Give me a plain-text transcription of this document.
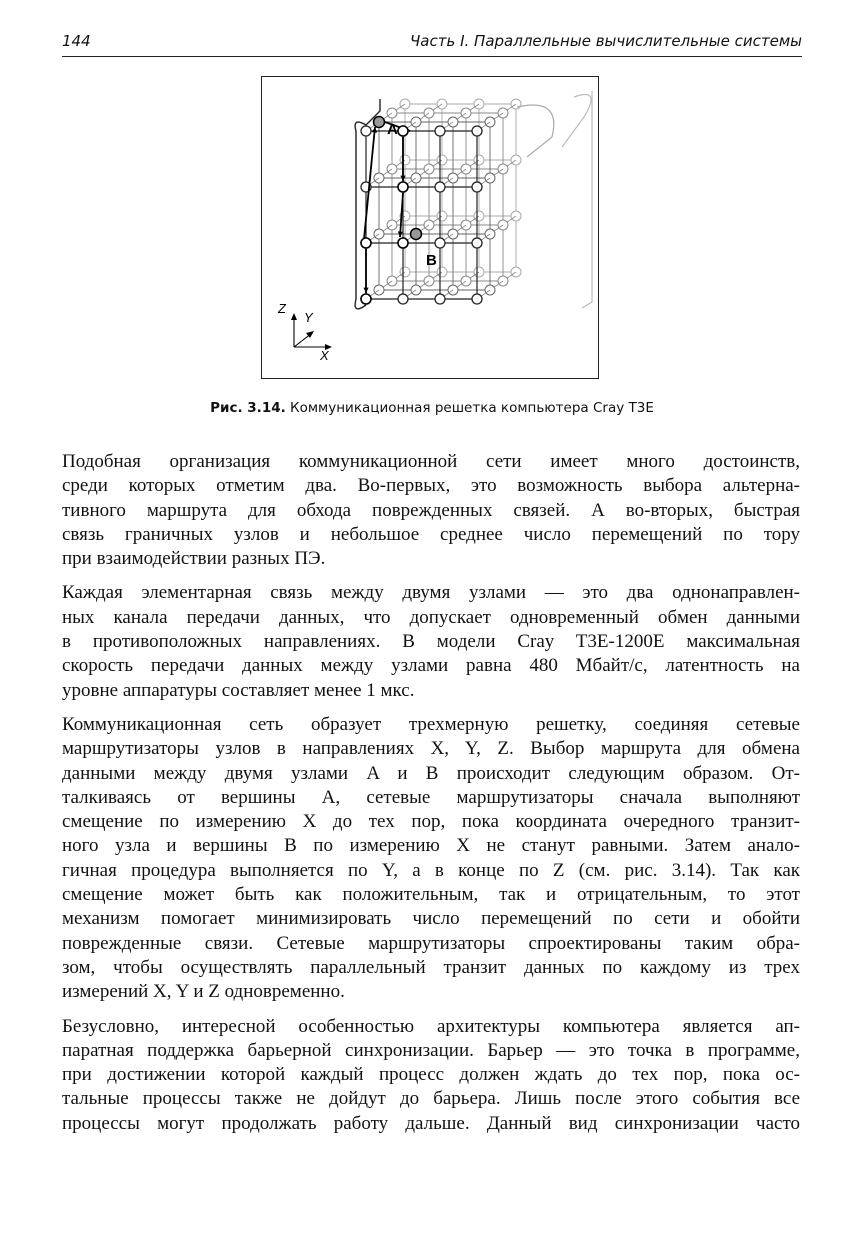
144	Часть I. Параллельные вычислительные системы
A
B
Z
Y
X
Рис. 3.14. Коммуникационная решетка компьютера Cray T3E

Подобная организация коммуникационной сети имеет много достоинств,
среди которых отметим два. Во-первых, это возможность выбора альтерна-
тивного маршрута для обхода поврежденных связей. А во-вторых, быстрая
связь граничных узлов и небольшое среднее число перемещений по тору
при взаимодействии разных ПЭ.

Каждая элементарная связь между двумя узлами — это два однонаправлен-
ных канала передачи данных, что допускает одновременный обмен данными
в противоположных направлениях. В модели Cray T3E-1200E максимальная
скорость передачи данных между узлами равна 480 Мбайт/с, латентность на
уровне аппаратуры составляет менее 1 мкс.

Коммуникационная сеть образует трехмерную решетку, соединяя сетевые
маршрутизаторы узлов в направлениях X, Y, Z. Выбор маршрута для обмена
данными между двумя узлами A и B происходит следующим образом. От-
талкиваясь от вершины A, сетевые маршрутизаторы сначала выполняют
смещение по измерению X до тех пор, пока координата очередного транзит-
ного узла и вершины B по измерению X не станут равными. Затем анало-
гичная процедура выполняется по Y, а в конце по Z (см. рис. 3.14). Так как
смещение может быть как положительным, так и отрицательным, то этот
механизм помогает минимизировать число перемещений по сети и обойти
поврежденные связи. Сетевые маршрутизаторы спроектированы таким обра-
зом, чтобы осуществлять параллельный транзит данных по каждому из трех
измерений X, Y и Z одновременно.

Безусловно, интересной особенностью архитектуры компьютера является ап-
паратная поддержка барьерной синхронизации. Барьер — это точка в программе,
при достижении которой каждый процесс должен ждать до тех пор, пока ос-
тальные процессы также не дойдут до барьера. Лишь после этого события все
процессы могут продолжать работу дальше. Данный вид синхронизации часто
